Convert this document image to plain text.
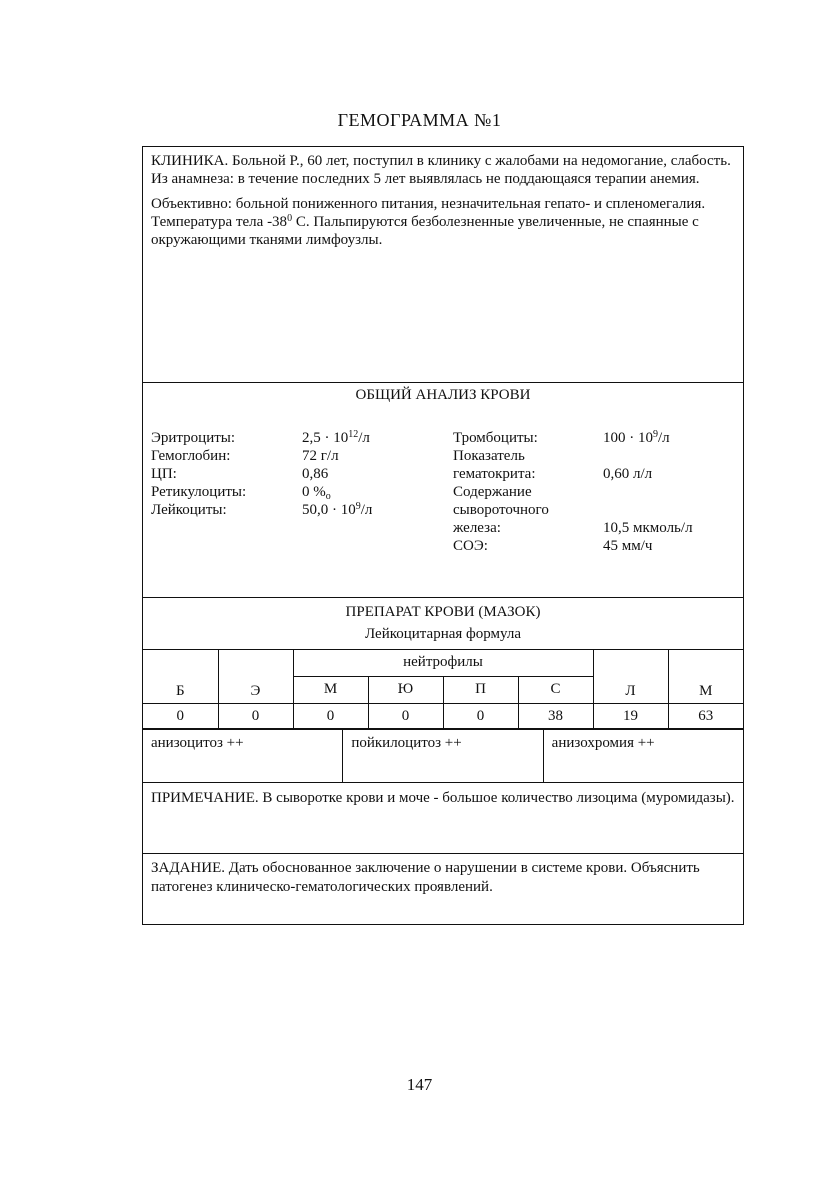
ГЕМОГРАММА №1

КЛИНИКА. Больной Р., 60 лет, поступил в клинику с жалобами на недомогание, слабость. Из анамнеза: в течение последних 5 лет выявлялась не поддающаяся терапии анемия.

Объективно: больной пониженного питания, незначительная гепато- и спленомегалия. Температура тела $-38^0$ С. Пальпируются безболезненные увеличенные, не спаянные с окружающими тканями лимфоузлы.

ОБЩИЙ АНАЛИЗ КРОВИ
Эритроциты:	$2,5 \cdot 10^{12}/л$
Гемоглобин:	72 г/л
ЦП:	0,86
Ретикулоциты:	0 $\%_о$
Лейкоциты:	$50,0 \cdot 10^9/л$
Тромбоциты:	$100 \cdot 10^9/л$
Показатель
гематокрита:	0,60 л/л
Содержание
сывороточного
железа:	10,5 мкмоль/л
СОЭ:	45 мм/ч
ПРЕПАРАТ КРОВИ (МАЗОК)
Лейкоцитарная формула
Б	Э	нейтрофилы				Л	М
		М	Ю	П	С		
0	0	0	0	0	38	19	63
анизоцитоз ++	пойкилоцитоз ++	анизохромия ++
ПРИМЕЧАНИЕ. В сыворотке крови и моче - большое количество лизоцима (муромидазы).
ЗАДАНИЕ. Дать обоснованное заключение о нарушении в системе крови. Объяснить патогенез клиническо-гематологических проявлений.
147
